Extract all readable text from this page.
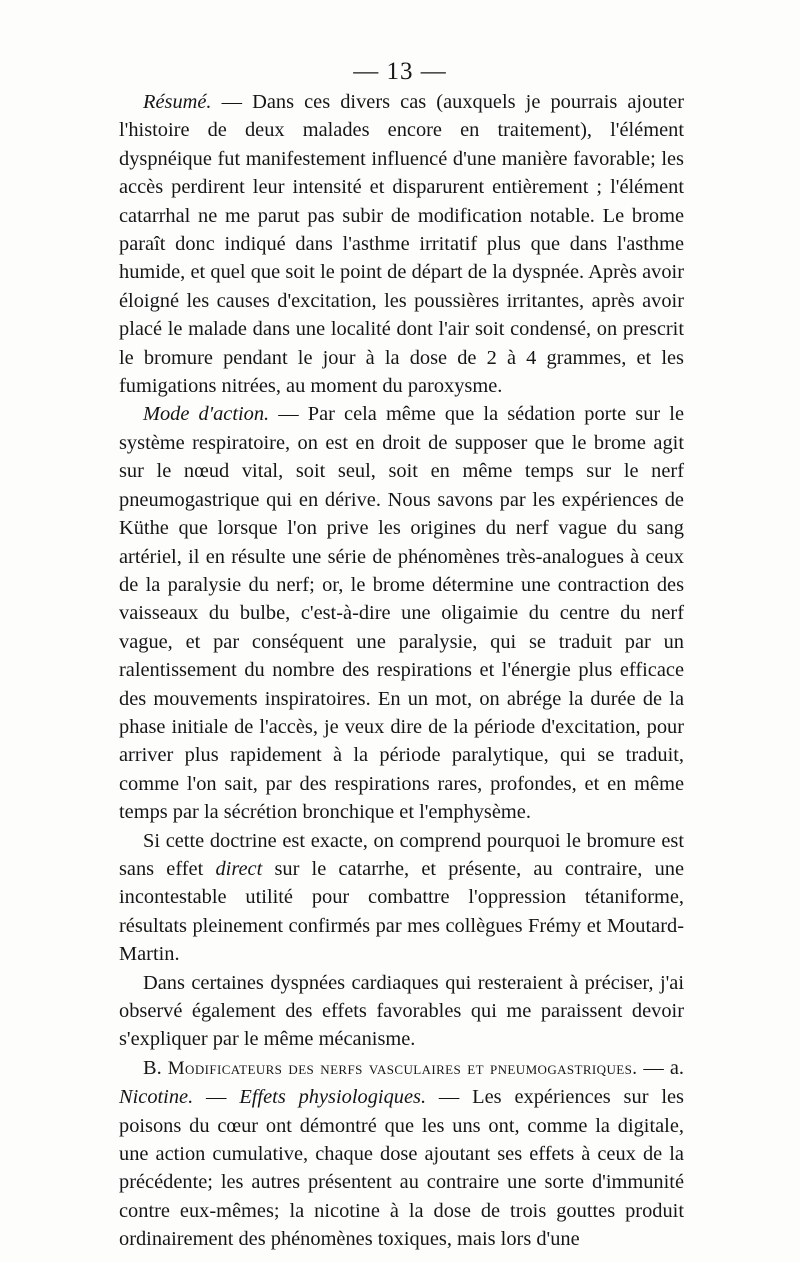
— 13 —

Résumé. — Dans ces divers cas (auxquels je pourrais ajouter l'histoire de deux malades encore en traitement), l'élément dyspnéique fut manifestement influencé d'une manière favorable; les accès perdirent leur intensité et disparurent entièrement ; l'élément catarrhal ne me parut pas subir de modification notable. Le brome paraît donc indiqué dans l'asthme irritatif plus que dans l'asthme humide, et quel que soit le point de départ de la dyspnée. Après avoir éloigné les causes d'excitation, les poussières irritantes, après avoir placé le malade dans une localité dont l'air soit condensé, on prescrit le bromure pendant le jour à la dose de 2 à 4 grammes, et les fumigations nitrées, au moment du paroxysme.

Mode d'action. — Par cela même que la sédation porte sur le système respiratoire, on est en droit de supposer que le brome agit sur le nœud vital, soit seul, soit en même temps sur le nerf pneumogastrique qui en dérive. Nous savons par les expériences de Küthe que lorsque l'on prive les origines du nerf vague du sang artériel, il en résulte une série de phénomènes très-analogues à ceux de la paralysie du nerf; or, le brome détermine une contraction des vaisseaux du bulbe, c'est-à-dire une oligaimie du centre du nerf vague, et par conséquent une paralysie, qui se traduit par un ralentissement du nombre des respirations et l'énergie plus efficace des mouvements inspiratoires. En un mot, on abrége la durée de la phase initiale de l'accès, je veux dire de la période d'excitation, pour arriver plus rapidement à la période paralytique, qui se traduit, comme l'on sait, par des respirations rares, profondes, et en même temps par la sécrétion bronchique et l'emphysème.

Si cette doctrine est exacte, on comprend pourquoi le bromure est sans effet direct sur le catarrhe, et présente, au contraire, une incontestable utilité pour combattre l'oppression tétaniforme, résultats pleinement confirmés par mes collègues Frémy et Moutard-Martin.

Dans certaines dyspnées cardiaques qui resteraient à préciser, j'ai observé également des effets favorables qui me paraissent devoir s'expliquer par le même mécanisme.

B. Modificateurs des nerfs vasculaires et pneumogastriques. — a. Nicotine. — Effets physiologiques. — Les expériences sur les poisons du cœur ont démontré que les uns ont, comme la digitale, une action cumulative, chaque dose ajoutant ses effets à ceux de la précédente; les autres présentent au contraire une sorte d'immunité contre eux-mêmes; la nicotine à la dose de trois gouttes produit ordinairement des phénomènes toxiques, mais lors d'une
